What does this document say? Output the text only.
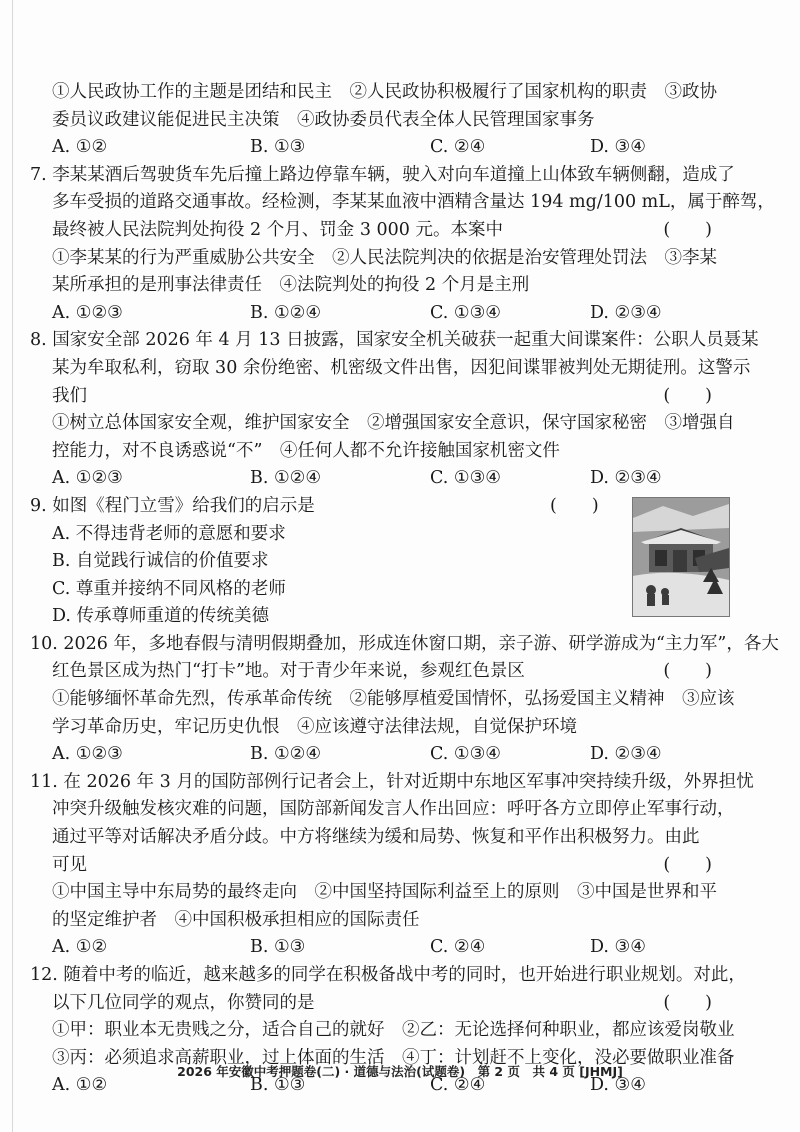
①人民政协工作的主题是团结和民主　②人民政协积极履行了国家机构的职责　③政协
委员议政建议能促进民主决策　④政协委员代表全体人民管理国家事务
A. ①②	B. ①③	C. ②④	D. ③④
7. 李某某酒后驾驶货车先后撞上路边停靠车辆，驶入对向车道撞上山体致车辆侧翻，造成了
多车受损的道路交通事故。经检测，李某某血液中酒精含量达 194 mg/100 mL，属于醉驾，
最终被人民法院判处拘役 2 个月、罚金 3 000 元。本案中	(　　)
①李某某的行为严重威胁公共安全　②人民法院判决的依据是治安管理处罚法　③李某
某所承担的是刑事法律责任　④法院判处的拘役 2 个月是主刑
A. ①②③	B. ①②④	C. ①③④	D. ②③④
8. 国家安全部 2026 年 4 月 13 日披露，国家安全机关破获一起重大间谍案件：公职人员聂某
某为牟取私利，窃取 30 余份绝密、机密级文件出售，因犯间谍罪被判处无期徒刑。这警示
我们	(　　)
①树立总体国家安全观，维护国家安全　②增强国家安全意识，保守国家秘密　③增强自
控能力，对不良诱惑说“不”　④任何人都不允许接触国家机密文件
A. ①②③	B. ①②④	C. ①③④	D. ②③④
9. 如图《程门立雪》给我们的启示是	(　　)
A. 不得违背老师的意愿和要求
B. 自觉践行诚信的价值要求
C. 尊重并接纳不同风格的老师
D. 传承尊师重道的传统美德
10. 2026 年，多地春假与清明假期叠加，形成连休窗口期，亲子游、研学游成为“主力军”，各大
红色景区成为热门“打卡”地。对于青少年来说，参观红色景区	(　　)
①能够缅怀革命先烈，传承革命传统　②能够厚植爱国情怀，弘扬爱国主义精神　③应该
学习革命历史，牢记历史仇恨　④应该遵守法律法规，自觉保护环境
A. ①②③	B. ①②④	C. ①③④	D. ②③④
11. 在 2026 年 3 月的国防部例行记者会上，针对近期中东地区军事冲突持续升级，外界担忧
冲突升级触发核灾难的问题，国防部新闻发言人作出回应：呼吁各方立即停止军事行动，
通过平等对话解决矛盾分歧。中方将继续为缓和局势、恢复和平作出积极努力。由此
可见	(　　)
①中国主导中东局势的最终走向　②中国坚持国际利益至上的原则　③中国是世界和平
的坚定维护者　④中国积极承担相应的国际责任
A. ①②	B. ①③	C. ②④	D. ③④
12. 随着中考的临近，越来越多的同学在积极备战中考的同时，也开始进行职业规划。对此，
以下几位同学的观点，你赞同的是	(　　)
①甲：职业本无贵贱之分，适合自己的就好　②乙：无论选择何种职业，都应该爱岗敬业
③丙：必须追求高薪职业，过上体面的生活　④丁：计划赶不上变化，没必要做职业准备
A. ①②	B. ①③	C. ②④	D. ③④
2026 年安徽中考押题卷(二) · 道德与法治(试题卷)　第 2 页　共 4 页 [JHMJ]
